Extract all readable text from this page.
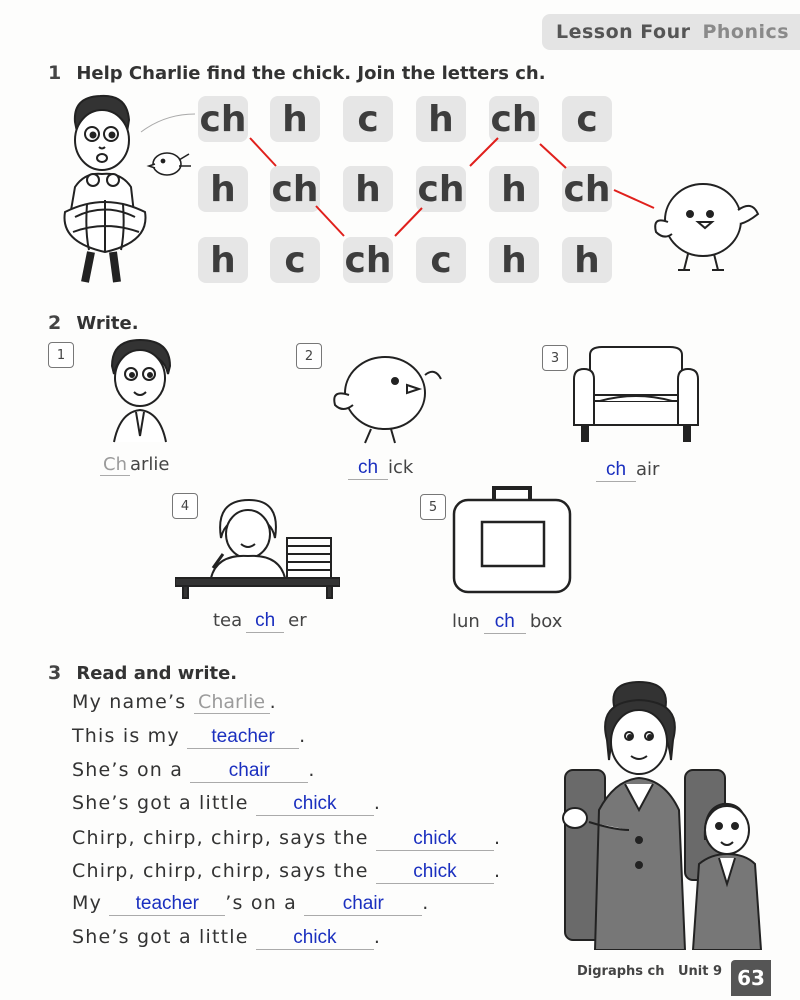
Lesson Four Phonics
1 Help Charlie find the chick. Join the letters ch.
ch h	c	h	ch	c
h ch	h	ch	h	ch
h	c	ch	c	h	h
2 Write.
1	2	3
4	5
Ch arlie	ch ick	ch air
tea ch er	lun ch box
3 Read and write.
My name’s Charlie .
This is my teacher .
She’s on a chair .
She’s got a little chick .
Chirp, chirp, chirp, says the chick .
Chirp, chirp, chirp, says the chick .
My teacher ’s on a chair .
She’s got a little chick .
Digraphs ch Unit 9 63
